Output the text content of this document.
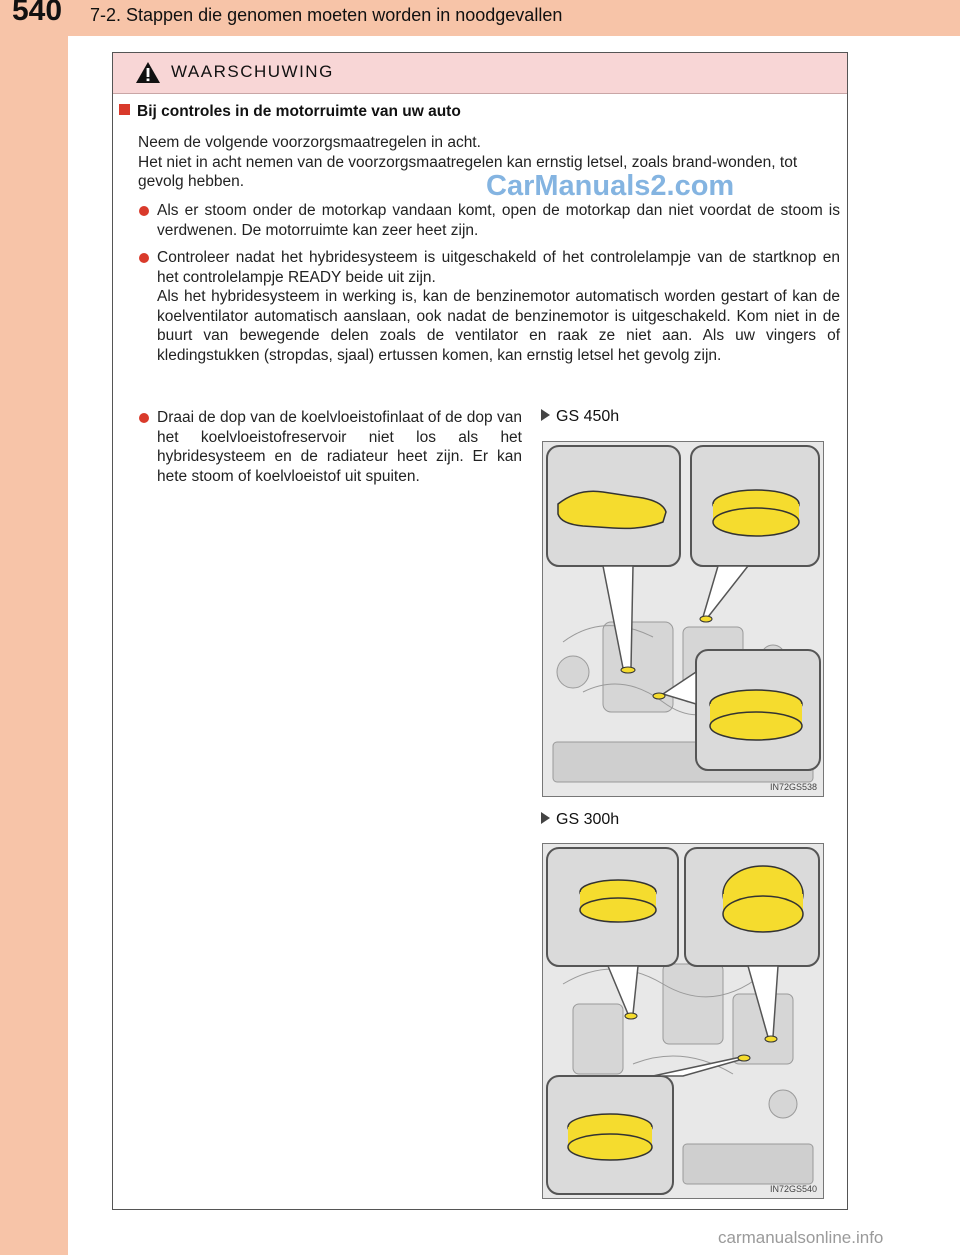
540 7-2. Stappen die genomen moeten worden in noodgevallen
WAARSCHUWING
Bij controles in de motorruimte van uw auto
Neem de volgende voorzorgsmaatregelen in acht.
Het niet in acht nemen van de voorzorgsmaatregelen kan ernstig letsel, zoals brand-wonden, tot gevolg hebben.
Als er stoom onder de motorkap vandaan komt, open de motorkap dan niet voordat de stoom is verdwenen. De motorruimte kan zeer heet zijn.
Controleer nadat het hybridesysteem is uitgeschakeld of het controlelampje van de startknop en het controlelampje READY beide uit zijn.
Als het hybridesysteem in werking is, kan de benzinemotor automatisch worden gestart of kan de koelventilator automatisch aanslaan, ook nadat de benzinemotor is uitgeschakeld. Kom niet in de buurt van bewegende delen zoals de ventilator en raak ze niet aan. Als uw vingers of kledingstukken (stropdas, sjaal) ertussen komen, kan ernstig letsel het gevolg zijn.
Draai de dop van de koelvloeistofinlaat of de dop van het koelvloeistofreservoir niet los als het hybridesysteem en de radiateur heet zijn. Er kan hete stoom of koelvloeistof uit spuiten.
GS 450h
IN72GS538
GS 300h
IN72GS540
CarManuals2.com
carmanualsonline.info
